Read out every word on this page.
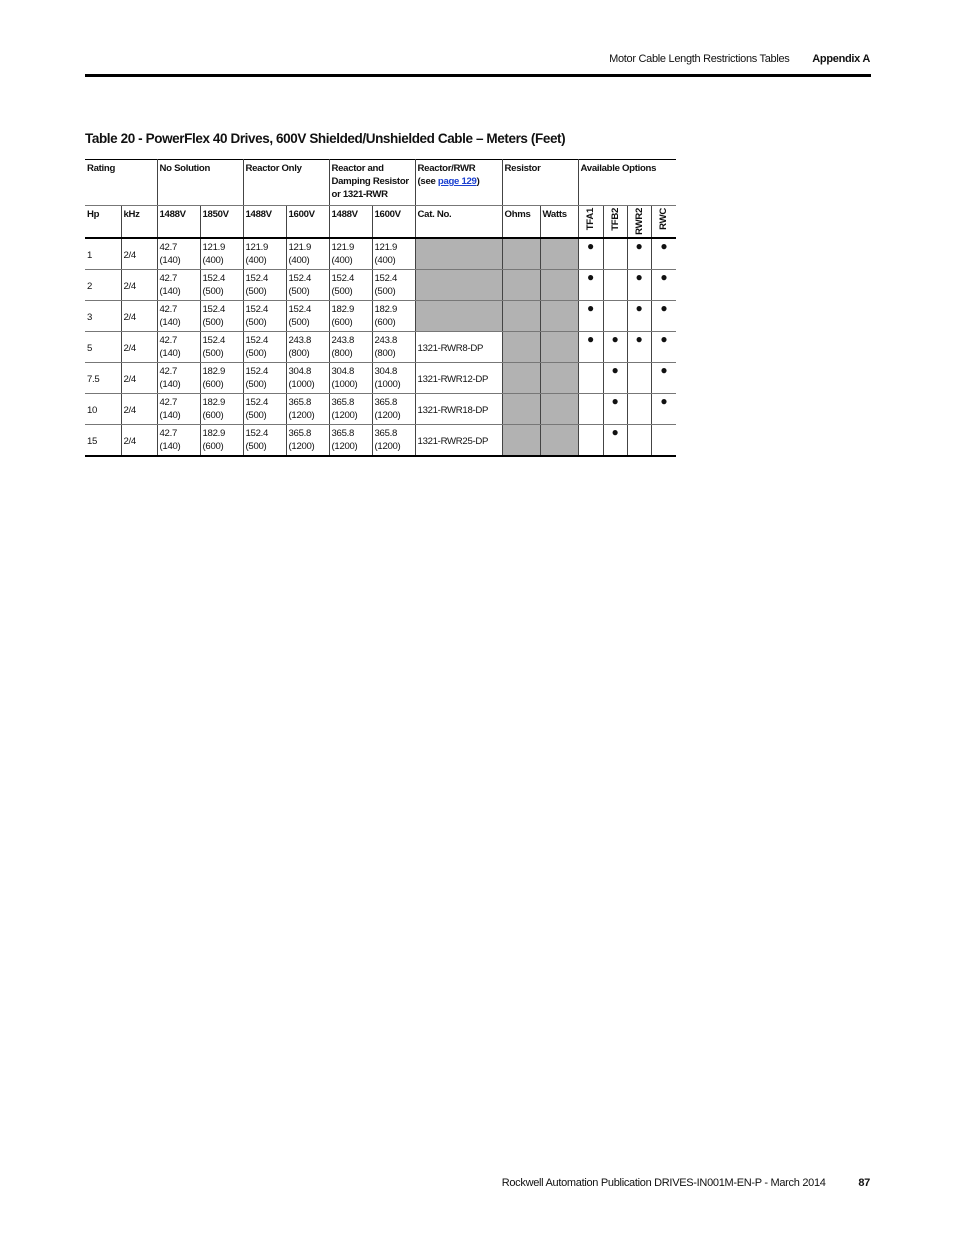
Motor Cable Length Restrictions Tables Appendix A
Table 20 - PowerFlex 40 Drives, 600V Shielded/Unshielded Cable – Meters (Feet)
Rating		No Solution		Reactor Only		Reactor and
Damping Resistor
or 1321-RWR		Reactor/RWR
(see page 129)	Resistor		Available Options			
Hp	kHz	1488V	1850V	1488V	1600V	1488V	1600V	Cat. No.	Ohms	Watts	TFA1	TFB2	RWR2	RWC

1	2/4	42.7
(140)	121.9
(400)	121.9
(400)	121.9
(400)	121.9
(400)	121.9
(400)				●		●	●
2	2/4	42.7
(140)	152.4
(500)	152.4
(500)	152.4
(500)	152.4
(500)	152.4
(500)				●		●	●
3	2/4	42.7
(140)	152.4
(500)	152.4
(500)	152.4
(500)	182.9
(600)	182.9
(600)				●		●	●
5	2/4	42.7
(140)	152.4
(500)	152.4
(500)	243.8
(800)	243.8
(800)	243.8
(800)	1321-RWR8-DP			●	●	●	●
7.5	2/4	42.7
(140)	182.9
(600)	152.4
(500)	304.8
(1000)	304.8
(1000)	304.8
(1000)	1321-RWR12-DP				●		●
10	2/4	42.7
(140)	182.9
(600)	152.4
(500)	365.8
(1200)	365.8
(1200)	365.8
(1200)	1321-RWR18-DP				●		●
15	2/4	42.7
(140)	182.9
(600)	152.4
(500)	365.8
(1200)	365.8
(1200)	365.8
(1200)	1321-RWR25-DP				●		
Rockwell Automation Publication DRIVES-IN001M-EN-P - March 2014	87
